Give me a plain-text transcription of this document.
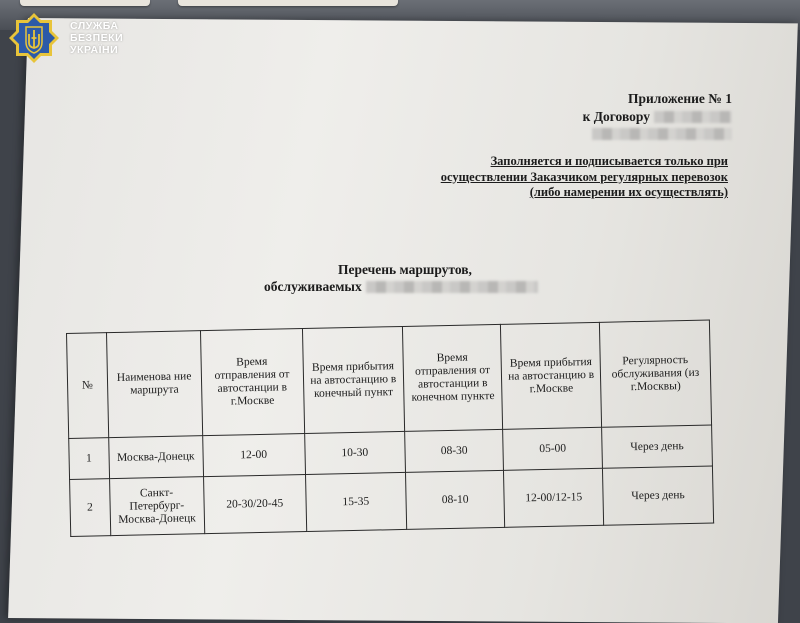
СЛУЖБА
БЕЗПЕКИ
УКРАЇНИ
Приложение № 1
к Договору
Заполняется и подписывается только при
осуществлении Заказчиком регулярных перевозок
(либо намерении их осуществлять)
Перечень маршрутов,
обслуживаемых
№	Наименова ние маршрута	Время отправления от автостанции в г.Москве	Время прибытия на автостанцию в конечный пункт	Время отправления от автостанции в конечном пункте	Время прибытия на автостанцию в г.Москве	Регулярность обслуживания (из г.Москвы)
1	Москва-Донецк	12-00	10-30	08-30	05-00	Через день
2	Санкт-Петербург-Москва-Донецк	20-30/20-45	15-35	08-10	12-00/12-15	Через день
